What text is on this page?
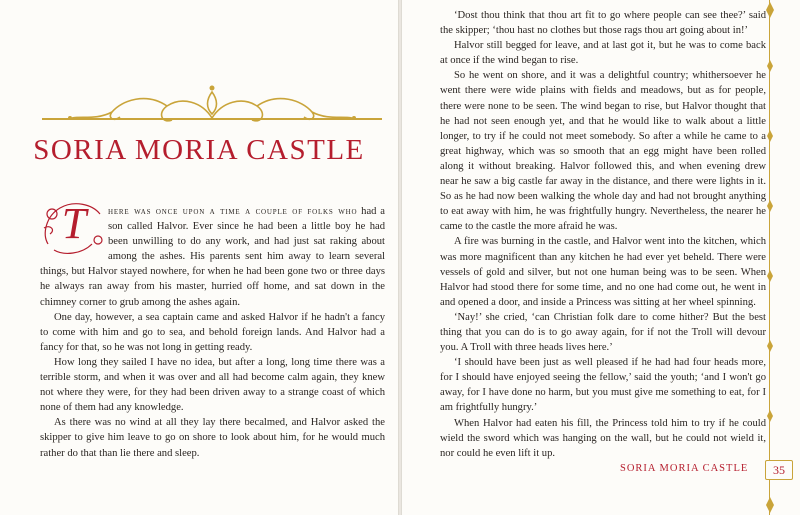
SORIA MORIA CASTLE

here was once upon a time a couple of folks who had a son called Halvor. Ever since he had been a little boy he had been unwilling to do any work, and had just sat raking about among the ashes. His parents sent him away to learn several things, but Halvor stayed nowhere, for when he had been gone two or three days he always ran away from his master, hurried off home, and sat down in the chimney corner to grub among the ashes again.

One day, however, a sea captain came and asked Halvor if he hadn't a fancy to come with him and go to sea, and behold foreign lands. And Halvor had a fancy for that, so he was not long in getting ready.

How long they sailed I have no idea, but after a long, long time there was a terrible storm, and when it was over and all had become calm again, they knew not where they were, for they had been driven away to a strange coast of which none of them had any knowledge.

As there was no wind at all they lay there becalmed, and Halvor asked the skipper to give him leave to go on shore to look about him, for he would much rather do that than lie there and sleep.

T

‘Dost thou think that thou art fit to go where people can see thee?’ said the skipper; ‘thou hast no clothes but those rags thou art going about in!’

Halvor still begged for leave, and at last got it, but he was to come back at once if the wind began to rise.

So he went on shore, and it was a delightful country; whithersoever he went there were wide plains with fields and meadows, but as for people, there were none to be seen. The wind began to rise, but Halvor thought that he had not seen enough yet, and that he would like to walk about a little longer, to try if he could not meet somebody. So after a while he came to a great highway, which was so smooth that an egg might have been rolled along it without breaking. Halvor followed this, and when evening drew near he saw a big castle far away in the distance, and there were lights in it. So as he had now been walking the whole day and had not brought anything to eat away with him, he was frightfully hungry. Nevertheless, the nearer he came to the castle the more afraid he was.

A fire was burning in the castle, and Halvor went into the kitchen, which was more magnificent than any kitchen he had ever yet beheld. There were vessels of gold and silver, but not one human being was to be seen. When Halvor had stood there for some time, and no one had come out, he went in and opened a door, and inside a Princess was sitting at her wheel spinning.

‘Nay!’ she cried, ‘can Christian folk dare to come hither? But the best thing that you can do is to go away again, for if not the Troll will devour you. A Troll with three heads lives here.’

‘I should have been just as well pleased if he had had four heads more, for I should have enjoyed seeing the fellow,’ said the youth; ‘and I won't go away, for I have done no harm, but you must give me something to eat, for I am frightfully hungry.’

When Halvor had eaten his fill, the Princess told him to try if he could wield the sword which was hanging on the wall, but he could not wield it, nor could he even lift it up.

SORIA MORIA CASTLE	35
